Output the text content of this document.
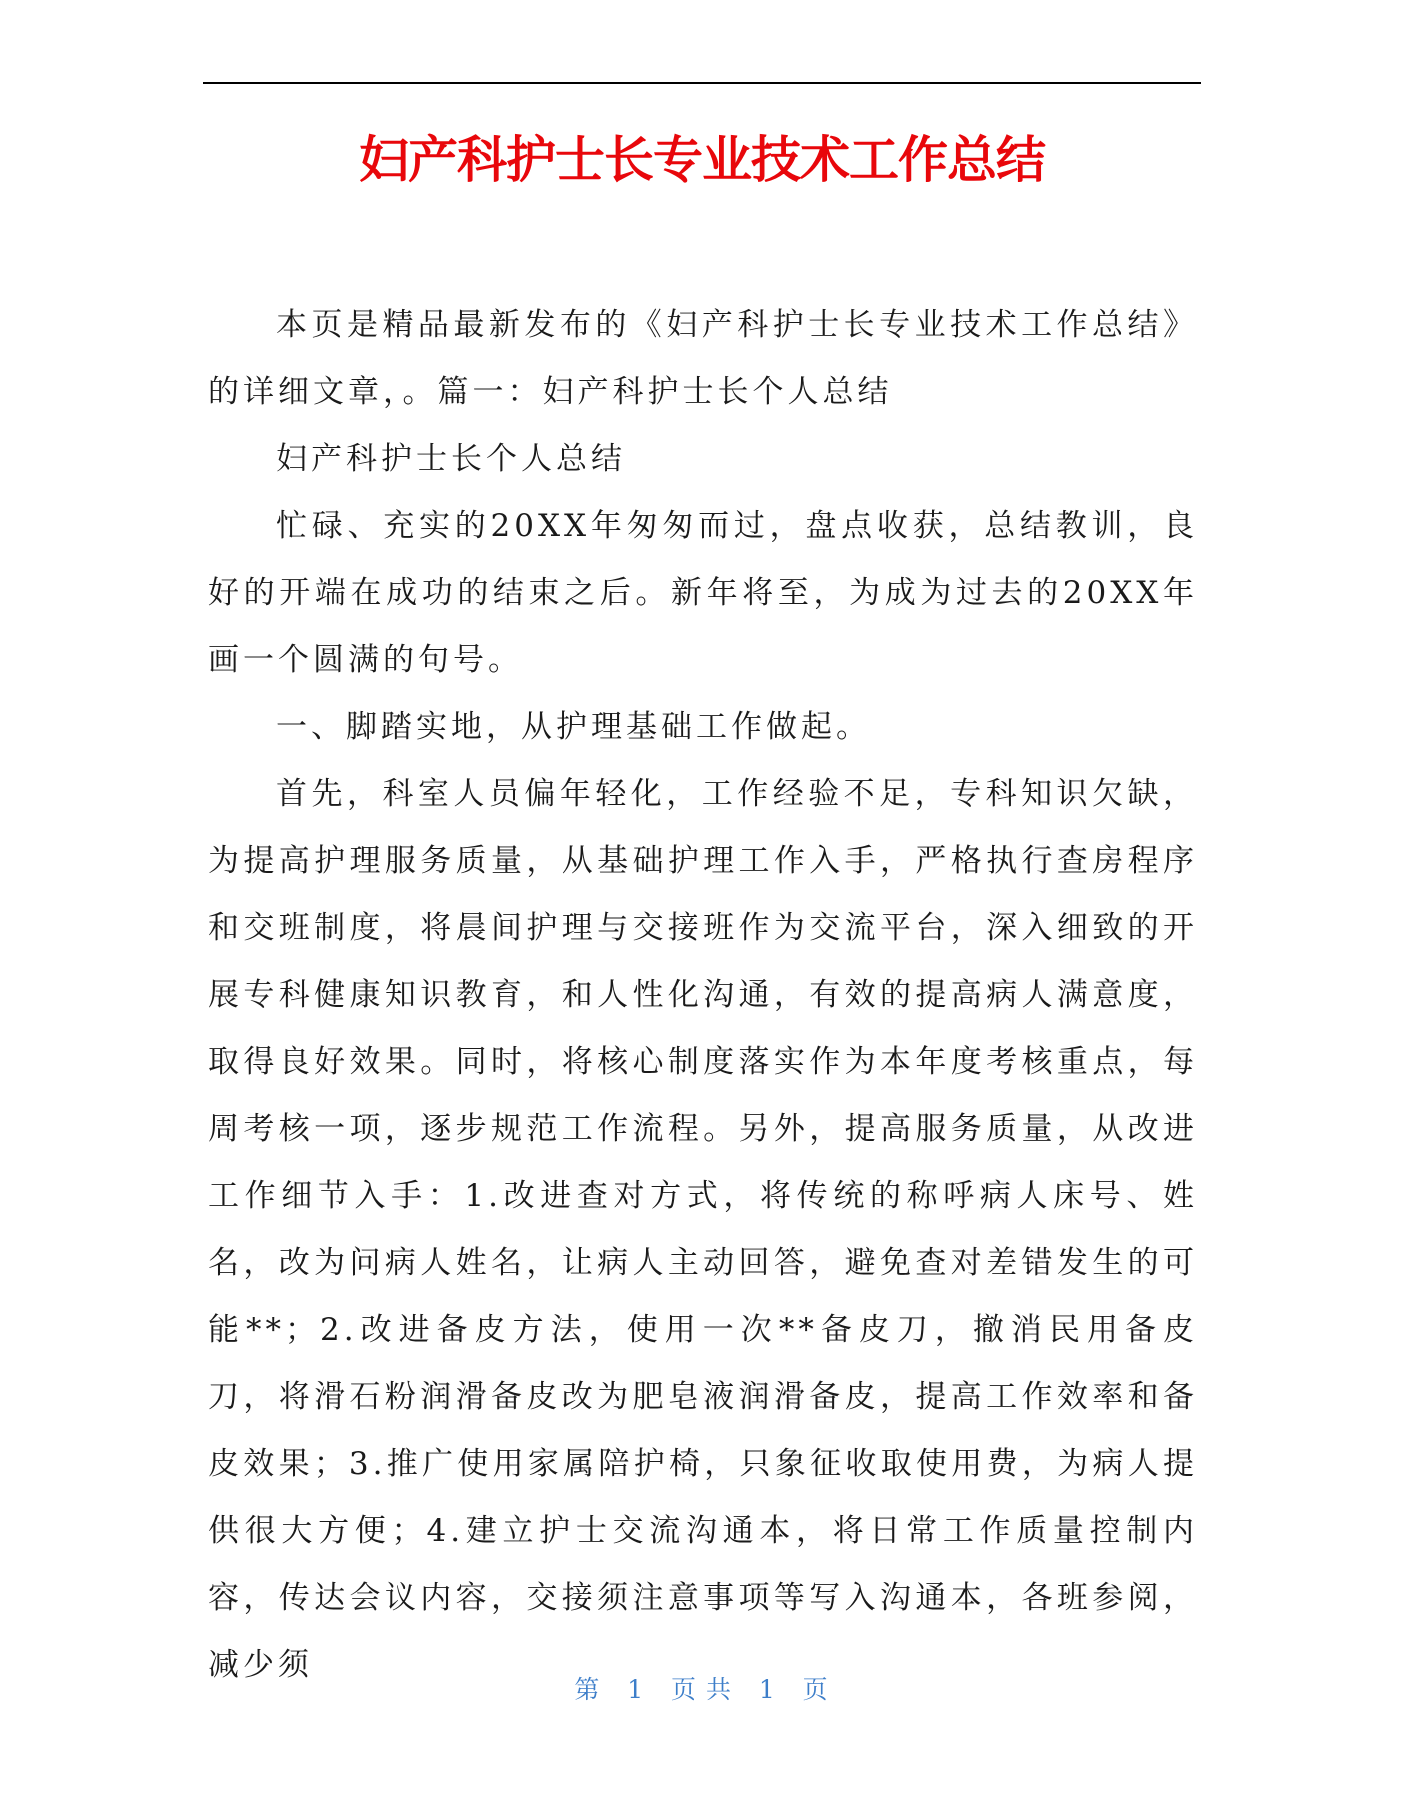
妇产科护士长专业技术工作总结

本页是精品最新发布的《妇产科护士长专业技术工作总结》的详细文章，。篇一：妇产科护士长个人总结

妇产科护士长个人总结

忙碌、充实的20XX年匆匆而过，盘点收获，总结教训，良好的开端在成功的结束之后。新年将至，为成为过去的20XX年画一个圆满的句号。

一、脚踏实地，从护理基础工作做起。

首先，科室人员偏年轻化，工作经验不足，专科知识欠缺，为提高护理服务质量，从基础护理工作入手，严格执行查房程序和交班制度，将晨间护理与交接班作为交流平台，深入细致的开展专科健康知识教育，和人性化沟通，有效的提高病人满意度，取得良好效果。同时，将核心制度落实作为本年度考核重点，每周考核一项，逐步规范工作流程。另外，提高服务质量，从改进工作细节入手：1.改进查对方式，将传统的称呼病人床号、姓名，改为问病人姓名，让病人主动回答，避免查对差错发生的可能**；2.改进备皮方法，使用一次**备皮刀，撤消民用备皮刀，将滑石粉润滑备皮改为肥皂液润滑备皮，提高工作效率和备皮效果；3.推广使用家属陪护椅，只象征收取使用费，为病人提供很大方便；4.建立护士交流沟通本，将日常工作质量控制内容，传达会议内容，交接须注意事项等写入沟通本，各班参阅，减少须

第 1 页 共 1 页
